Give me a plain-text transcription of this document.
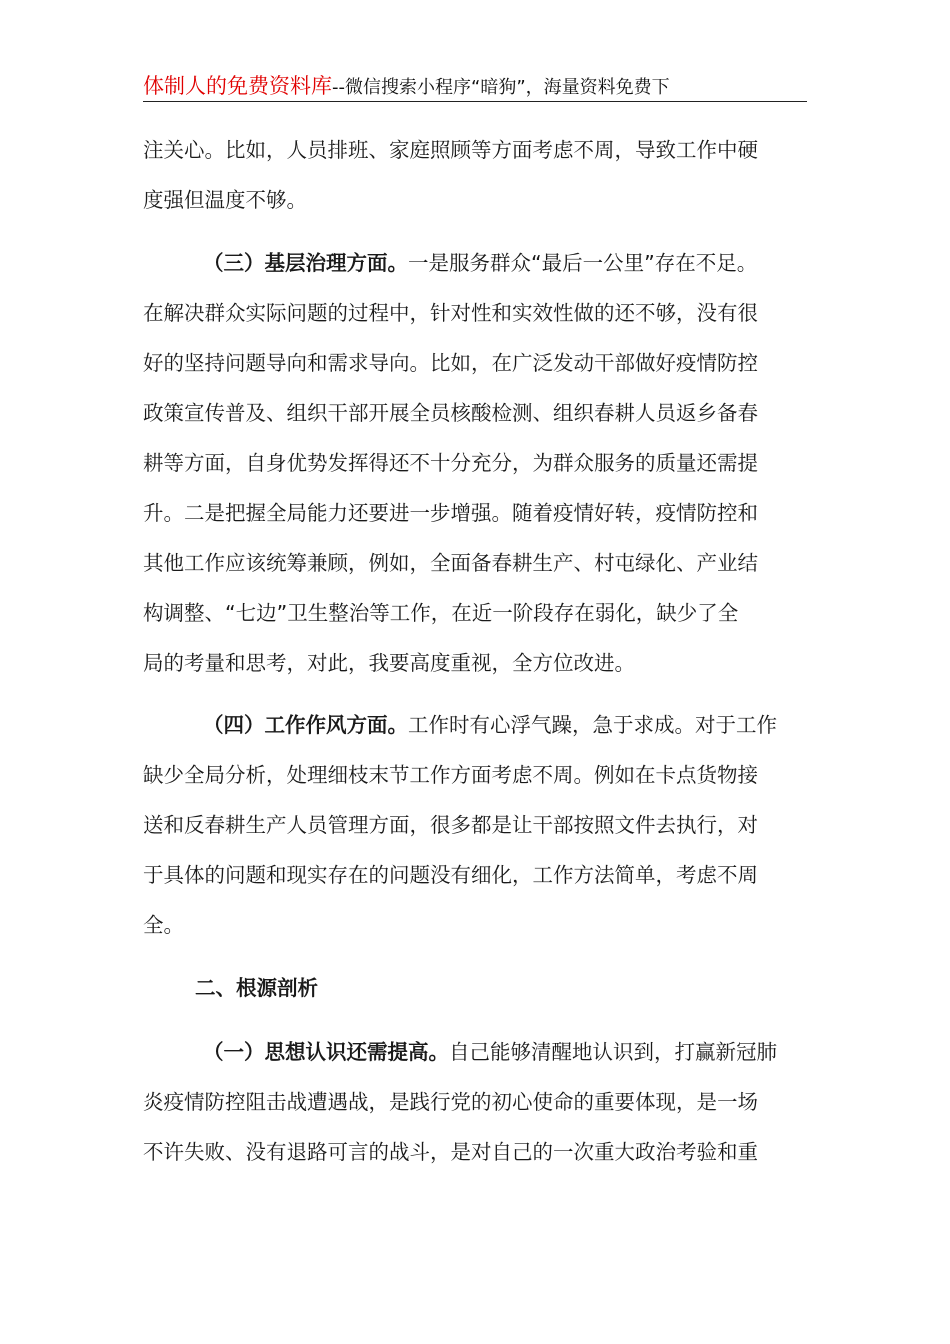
体制人的免费资料库--微信搜索小程序“暗狗”，海量资料免费下
注关心。比如，人员排班、家庭照顾等方面考虑不周，导致工作中硬
度强但温度不够。
（三）基层治理方面。一是服务群众“最后一公里”存在不足。
在解决群众实际问题的过程中，针对性和实效性做的还不够，没有很
好的坚持问题导向和需求导向。比如，在广泛发动干部做好疫情防控
政策宣传普及、组织干部开展全员核酸检测、组织春耕人员返乡备春
耕等方面，自身优势发挥得还不十分充分，为群众服务的质量还需提
升。二是把握全局能力还要进一步增强。随着疫情好转，疫情防控和
其他工作应该统筹兼顾，例如，全面备春耕生产、村屯绿化、产业结
构调整、“七边”卫生整治等工作，在近一阶段存在弱化，缺少了全
局的考量和思考，对此，我要高度重视，全方位改进。
（四）工作作风方面。工作时有心浮气躁，急于求成。对于工作
缺少全局分析，处理细枝末节工作方面考虑不周。例如在卡点货物接
送和反春耕生产人员管理方面，很多都是让干部按照文件去执行，对
于具体的问题和现实存在的问题没有细化，工作方法简单，考虑不周
全。
二、根源剖析
（一）思想认识还需提高。自己能够清醒地认识到，打赢新冠肺
炎疫情防控阻击战遭遇战，是践行党的初心使命的重要体现，是一场
不许失败、没有退路可言的战斗，是对自己的一次重大政治考验和重
